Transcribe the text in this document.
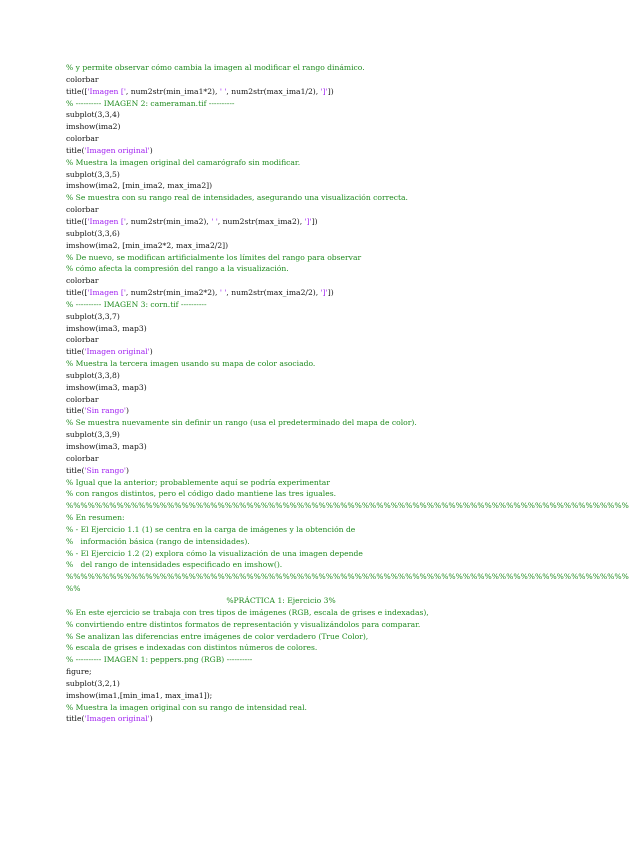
% y permite observar cómo cambia la imagen al modificar el rango dinámico.
colorbar
title(['Imagen [', num2str(min_ima1*2), ' ', num2str(max_ima1/2), ']'])
% ---------- IMAGEN 2: cameraman.tif ----------
subplot(3,3,4)
imshow(ima2)
colorbar
title('Imagen original')
% Muestra la imagen original del camarógrafo sin modificar.
subplot(3,3,5)
imshow(ima2, [min_ima2, max_ima2])
% Se muestra con su rango real de intensidades, asegurando una visualización correcta.
colorbar
title(['Imagen [', num2str(min_ima2), ' ', num2str(max_ima2), ']'])
subplot(3,3,6)
imshow(ima2, [min_ima2*2, max_ima2/2])
% De nuevo, se modifican artificialmente los límites del rango para observar
% cómo afecta la compresión del rango a la visualización.
colorbar
title(['Imagen [', num2str(min_ima2*2), ' ', num2str(max_ima2/2), ']'])
% ---------- IMAGEN 3: corn.tif ----------
subplot(3,3,7)
imshow(ima3, map3)
colorbar
title('Imagen original')
% Muestra la tercera imagen usando su mapa de color asociado.
subplot(3,3,8)
imshow(ima3, map3)
colorbar
title('Sin rango')
% Se muestra nuevamente sin definir un rango (usa el predeterminado del mapa de color).
subplot(3,3,9)
imshow(ima3, map3)
colorbar
title('Sin rango')
% Igual que la anterior; probablemente aquí se podría experimentar
% con rangos distintos, pero el código dado mantiene las tres iguales.
%%%%%%%%%%%%%%%%%%%%%%%%%%%%%%%%%%%%%%%%%%%%%%%%%%%%%%%%%%%%%%%%%%%%%%%%%%%%%%
% En resumen:
% - El Ejercicio 1.1 (1) se centra en la carga de imágenes y la obtención de
%   información básica (rango de intensidades).
% - El Ejercicio 1.2 (2) explora cómo la visualización de una imagen depende
%   del rango de intensidades especificado en imshow().
%%%%%%%%%%%%%%%%%%%%%%%%%%%%%%%%%%%%%%%%%%%%%%%%%%%%%%%%%%%%%%%%%%%%%%%%%%%%%%
%%
%PRÁCTICA 1: Ejercicio 3%
% En este ejercicio se trabaja con tres tipos de imágenes (RGB, escala de grises e indexadas),
% convirtiendo entre distintos formatos de representación y visualizándolos para comparar.
% Se analizan las diferencias entre imágenes de color verdadero (True Color),
% escala de grises e indexadas con distintos números de colores.
% ---------- IMAGEN 1: peppers.png (RGB) ----------
figure;
subplot(3,2,1)
imshow(ima1,[min_ima1, max_ima1]);
% Muestra la imagen original con su rango de intensidad real.
title('Imagen original')
